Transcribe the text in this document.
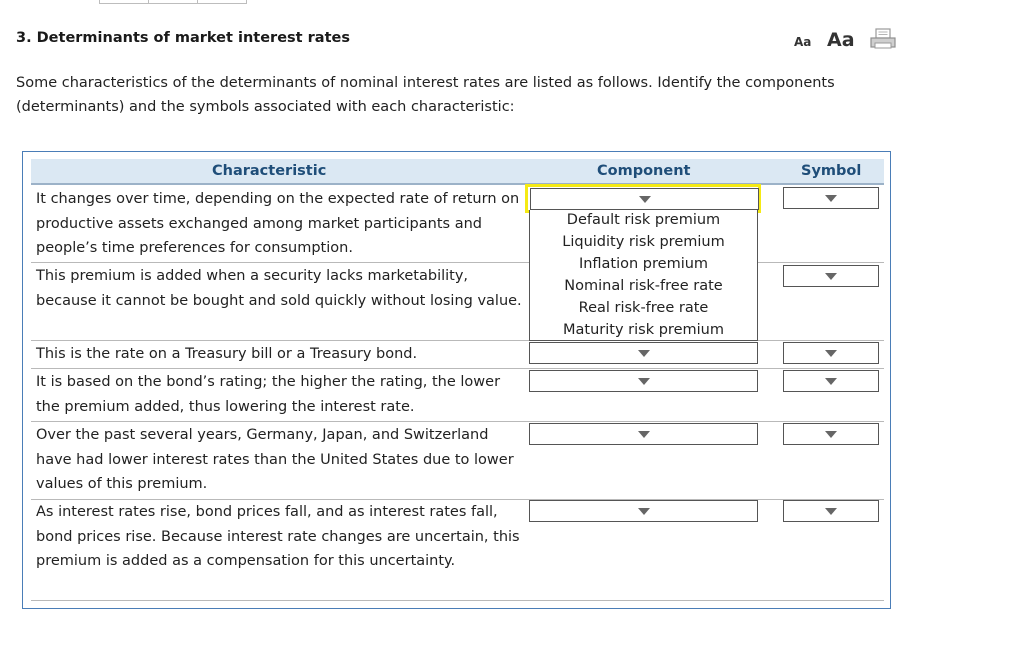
3. Determinants of market interest rates	Aa Aa
Some characteristics of the determinants of nominal interest rates are listed as follows. Identify the components (determinants) and the symbols associated with each characteristic:
Characteristic	Component	Symbol
It changes over time, depending on the expected rate of return on productive assets exchanged among market participants and people’s time preferences for consumption.
This premium is added when a security lacks marketability, because it cannot be bought and sold quickly without losing value.
This is the rate on a Treasury bill or a Treasury bond.
It is based on the bond’s rating; the higher the rating, the lower the premium added, thus lowering the interest rate.
Over the past several years, Germany, Japan, and Switzerland have had lower interest rates than the United States due to lower values of this premium.
As interest rates rise, bond prices fall, and as interest rates fall, bond prices rise. Because interest rate changes are uncertain, this premium is added as a compensation for this uncertainty.
Default risk premium
Liquidity risk premium
Inflation premium
Nominal risk-free rate
Real risk-free rate
Maturity risk premium
